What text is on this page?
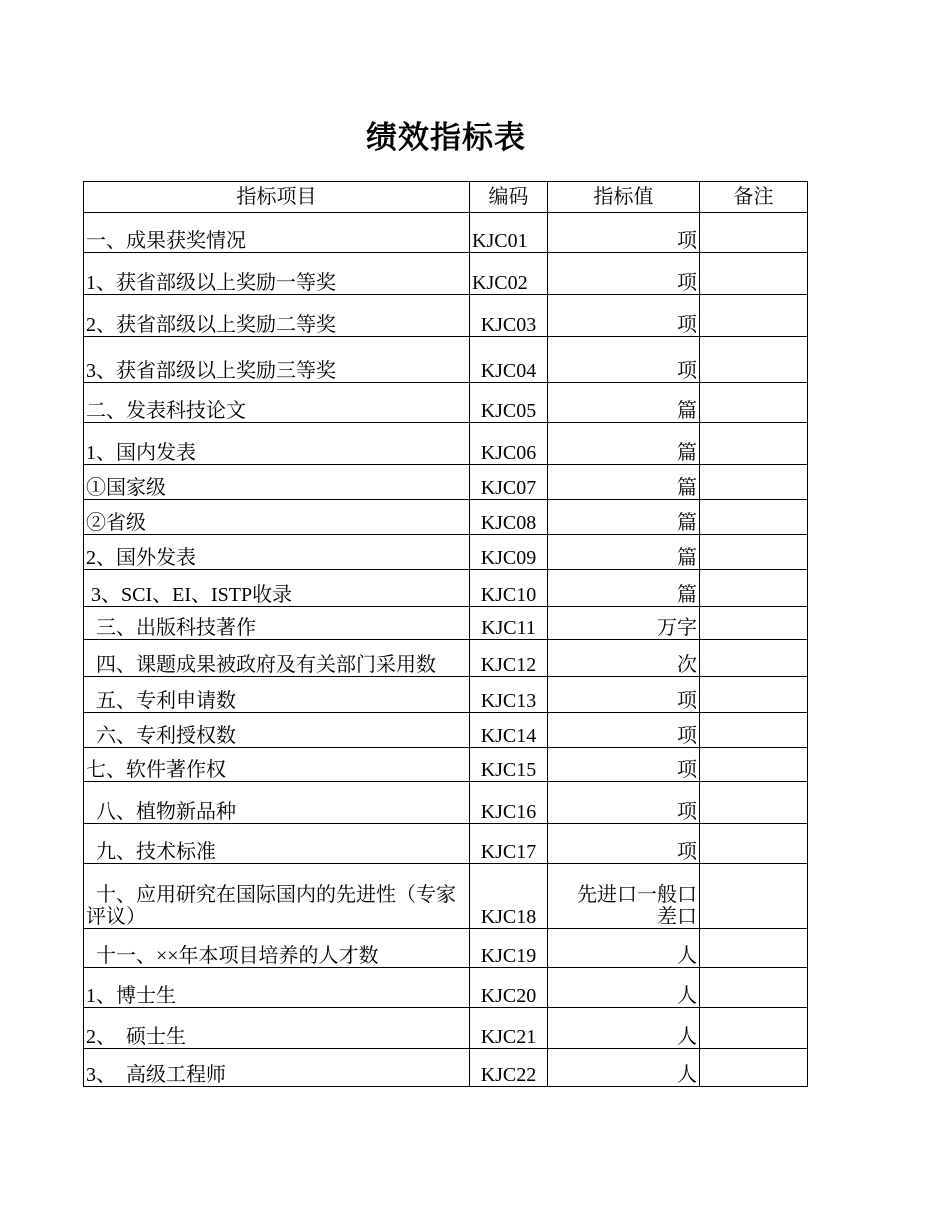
绩效指标表
指标项目	编码	指标值	备注
一、成果获奖情况	KJC01	项	
1、获省部级以上奖励一等奖	KJC02	项	
2、获省部级以上奖励二等奖	KJC03	项	
3、获省部级以上奖励三等奖	KJC04	项	
二、发表科技论文	KJC05	篇	
1、国内发表	KJC06	篇	
①国家级	KJC07	篇	
②省级	KJC08	篇	
2、国外发表	KJC09	篇	
3、SCI、EI、ISTP收录	KJC10	篇	
三、出版科技著作	KJC11	万字	
四、课题成果被政府及有关部门采用数	KJC12	次	
五、专利申请数	KJC13	项	
六、专利授权数	KJC14	项	
七、软件著作权	KJC15	项	
八、植物新品种	KJC16	项	
九、技术标准	KJC17	项	
十、应用研究在国际国内的先进性（专家评议）	KJC18	先进口一般口差口	
十一、××年本项目培养的人才数	KJC19	人	
1、博士生	KJC20	人	
2、  硕士生	KJC21	人	
3、  高级工程师	KJC22	人	
